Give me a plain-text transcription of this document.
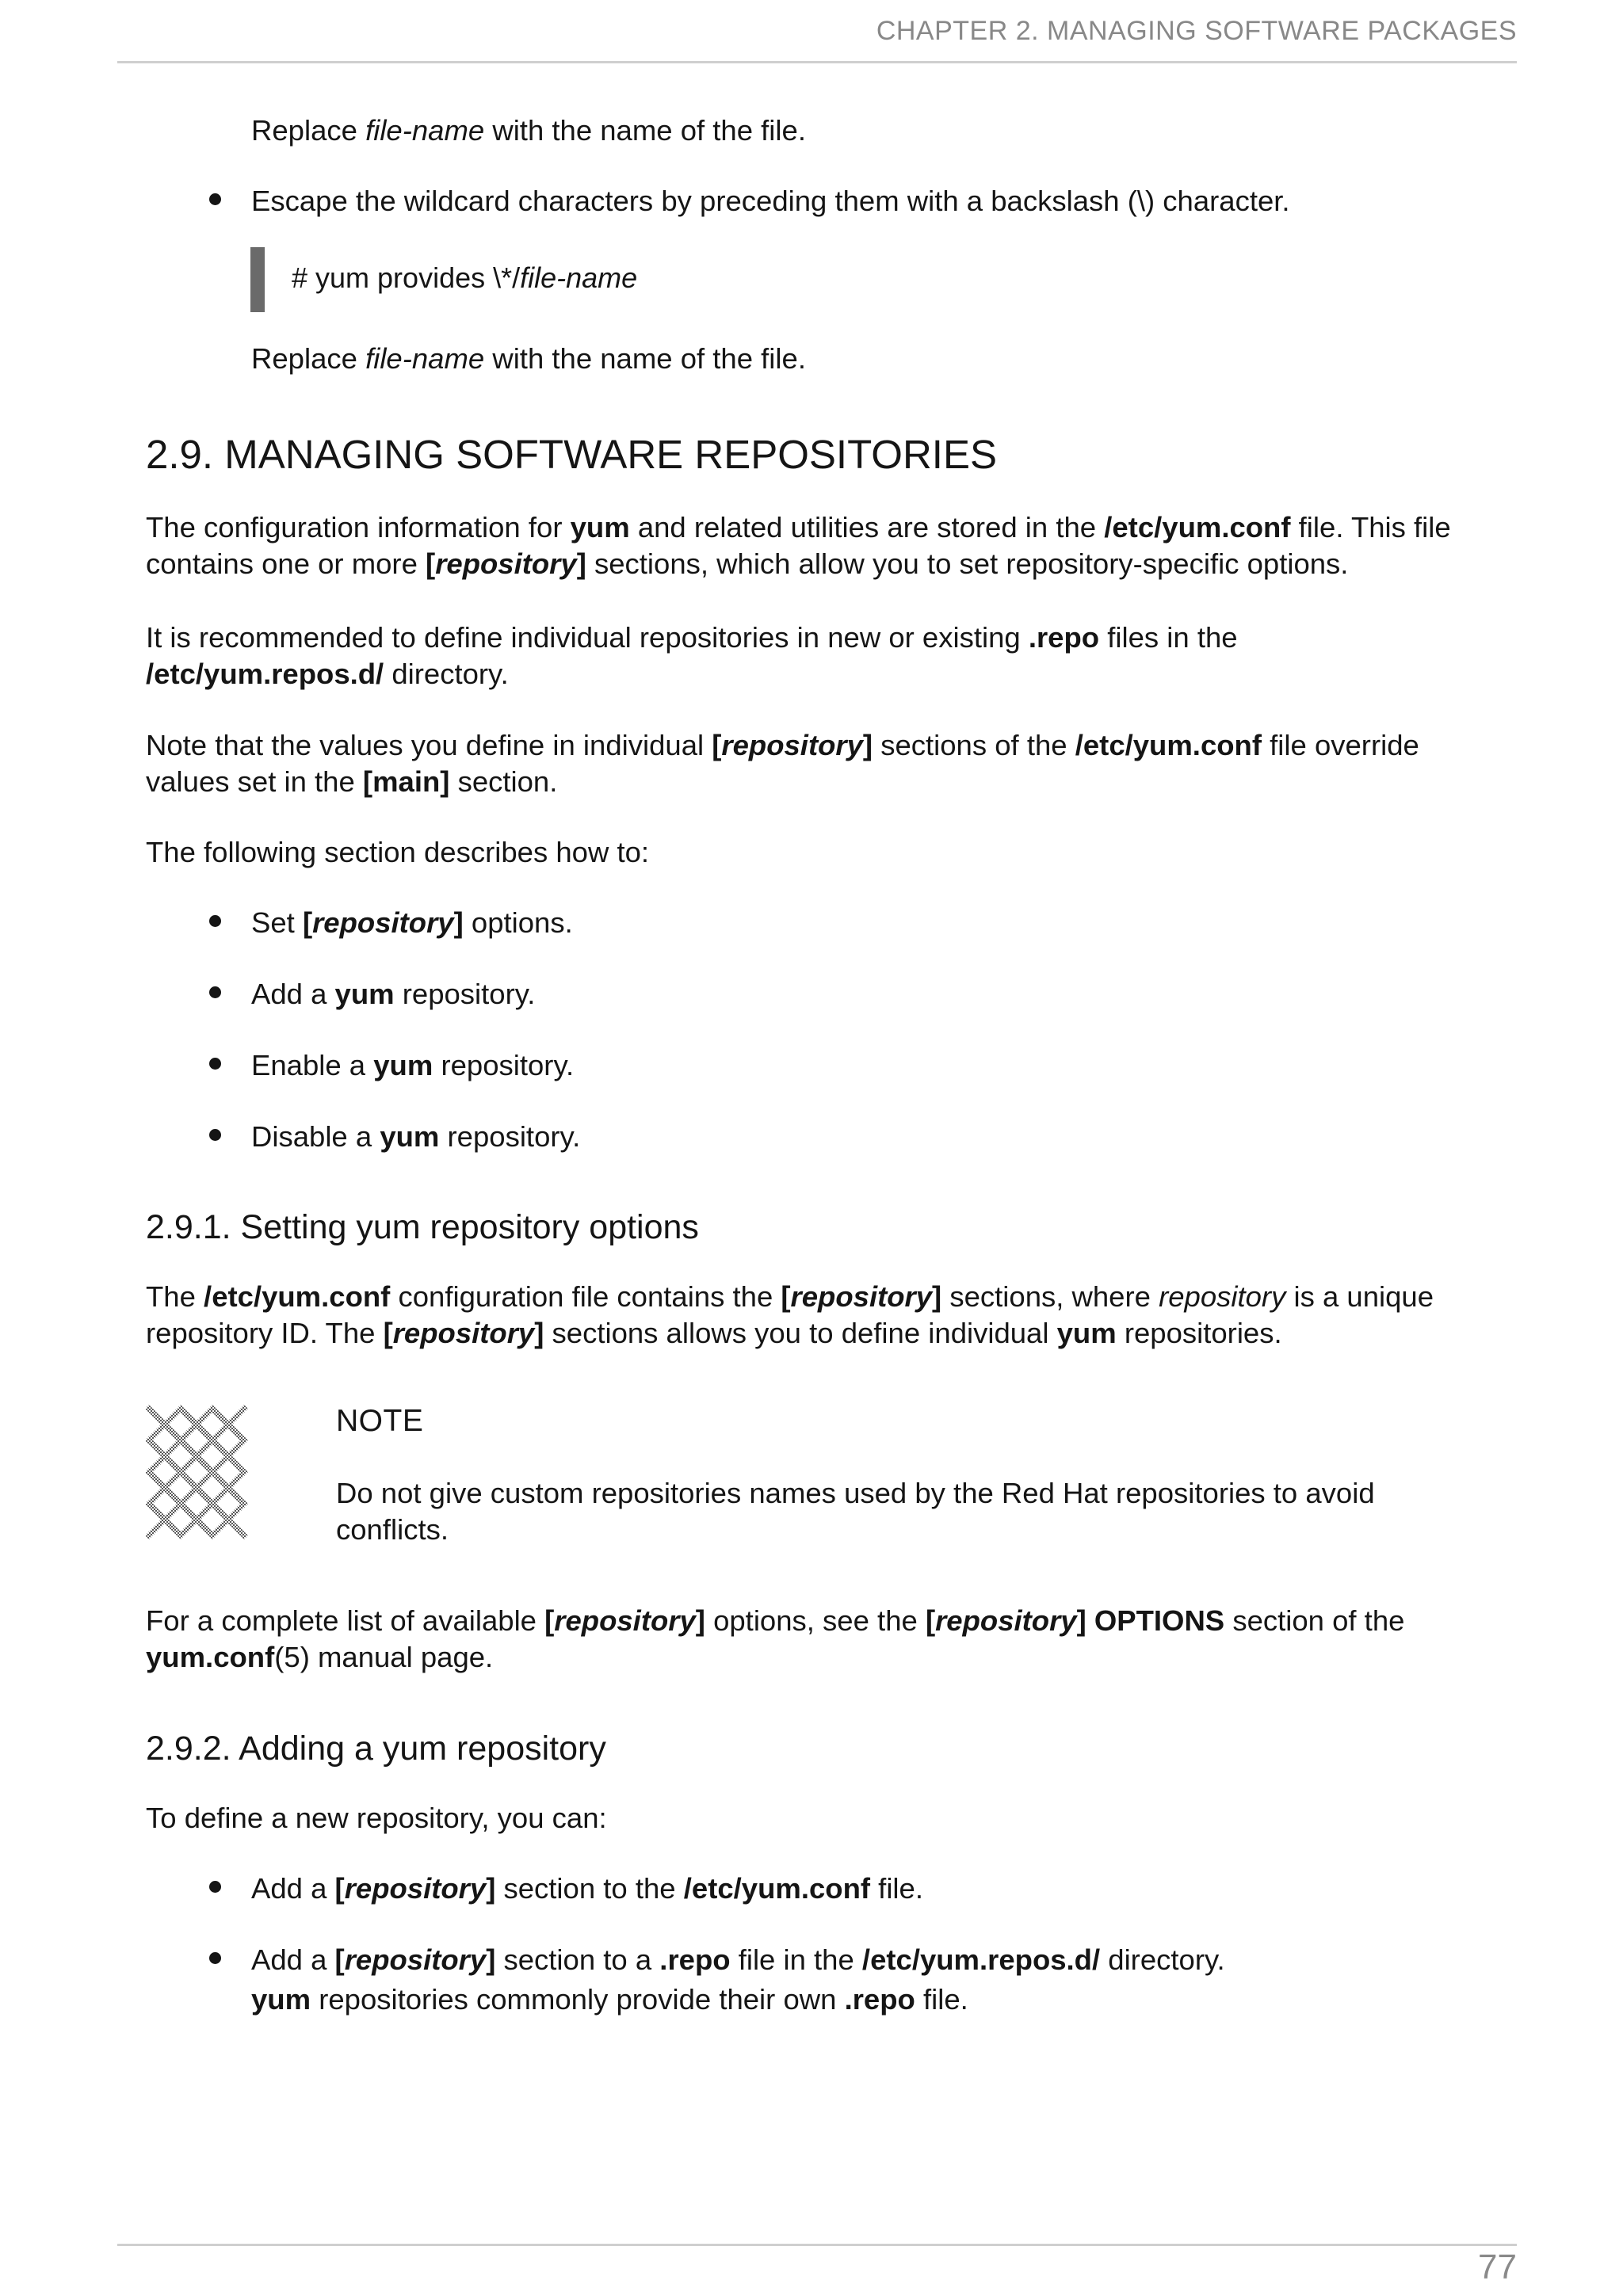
CHAPTER 2. MANAGING SOFTWARE PACKAGES
Replace file-name with the name of the file.
Escape the wildcard characters by preceding them with a backslash (\) character.
# yum provides \*/file-name
Replace file-name with the name of the file.
2.9. MANAGING SOFTWARE REPOSITORIES
The configuration information for yum and related utilities are stored in the /etc/yum.conf file. This file
contains one or more [repository] sections, which allow you to set repository-specific options.
It is recommended to define individual repositories in new or existing .repo files in the
/etc/yum.repos.d/ directory.
Note that the values you define in individual [repository] sections of the /etc/yum.conf file override
values set in the [main] section.
The following section describes how to:
Set [repository] options.
Add a yum repository.
Enable a yum repository.
Disable a yum repository.
2.9.1. Setting yum repository options
The /etc/yum.conf configuration file contains the [repository] sections, where repository is a unique
repository ID. The [repository] sections allows you to define individual yum repositories.
NOTE
Do not give custom repositories names used by the Red Hat repositories to avoid
conflicts.
For a complete list of available [repository] options, see the [repository] OPTIONS section of the
yum.conf(5) manual page.
2.9.2. Adding a yum repository
To define a new repository, you can:
Add a [repository] section to the /etc/yum.conf file.
Add a [repository] section to a .repo file in the /etc/yum.repos.d/ directory.
yum repositories commonly provide their own .repo file.
77
